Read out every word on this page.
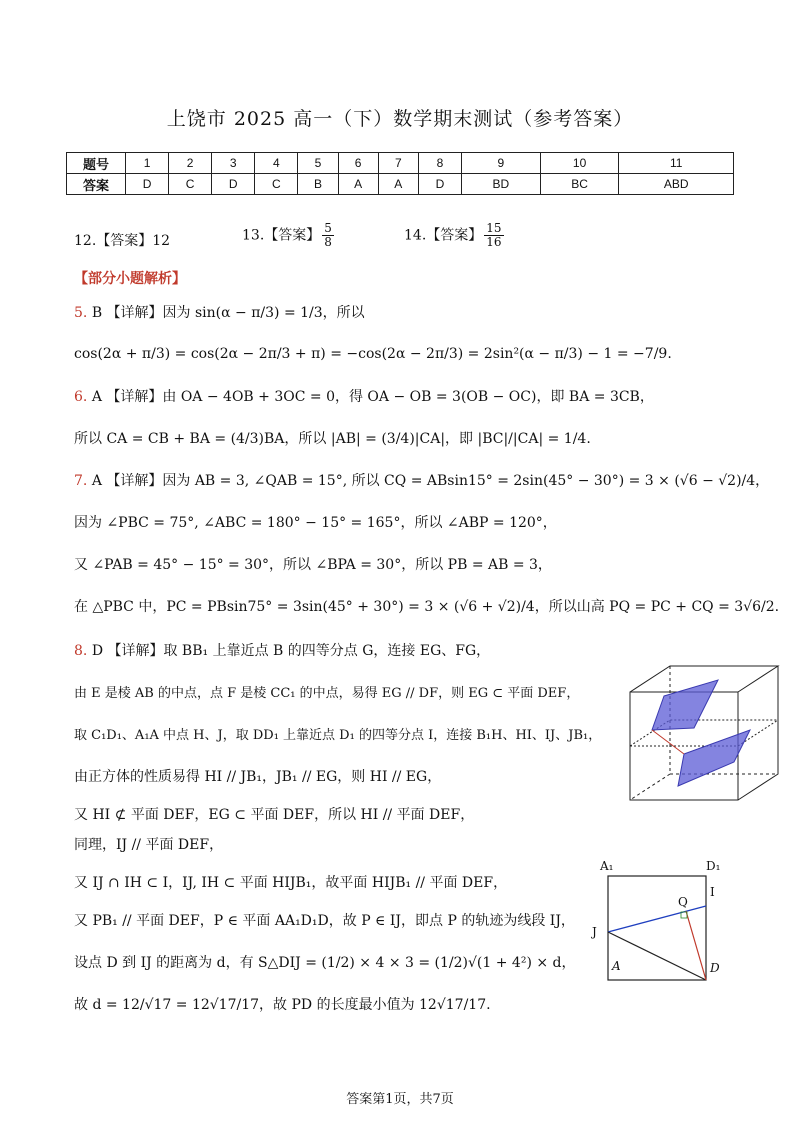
上饶市 2025 高一（下）数学期末测试（参考答案）
题号	1	2	3	4	5	6	7	8	9	10	11
答案	D	C	D	C	B	A	A	D	BD	BC	ABD
12.【答案】12	13.【答案】 $\frac{5}{8}$	14.【答案】 $\frac{15}{16}$
【部分小题解析】
5. B 【详解】因为 sin(α − π/3) = 1/3，所以
cos(2α + π/3) = cos(2α − 2π/3 + π) = −cos(2α − 2π/3) = 2sin²(α − π/3) − 1 = −7/9.
6. A 【详解】由 OA − 4OB + 3OC = 0，得 OA − OB = 3(OB − OC)，即 BA = 3CB，
所以 CA = CB + BA = (4/3)BA，所以 |AB| = (3/4)|CA|，即 |BC|/|CA| = 1/4.
7. A 【详解】因为 AB = 3, ∠QAB = 15°, 所以 CQ = ABsin15° = 2sin(45° − 30°) = 3 × (√6 − √2)/4，
因为 ∠PBC = 75°, ∠ABC = 180° − 15° = 165°，所以 ∠ABP = 120°，
又 ∠PAB = 45° − 15° = 30°，所以 ∠BPA = 30°，所以 PB = AB = 3，
在 △PBC 中，PC = PBsin75° = 3sin(45° + 30°) = 3 × (√6 + √2)/4，所以山高 PQ = PC + CQ = 3√6/2.
8. D 【详解】取 BB₁ 上靠近点 B 的四等分点 G，连接 EG、FG，
由 E 是棱 AB 的中点，点 F 是棱 CC₁ 的中点，易得 EG // DF，则 EG ⊂ 平面 DEF，
取 C₁D₁、A₁A 中点 H、J，取 DD₁ 上靠近点 D₁ 的四等分点 I，连接 B₁H、HI、IJ、JB₁，
由正方体的性质易得 HI // JB₁，JB₁ // EG，则 HI // EG，
又 HI ⊄ 平面 DEF，EG ⊂ 平面 DEF，所以 HI // 平面 DEF，
同理，IJ // 平面 DEF，
又 IJ ∩ IH ⊂ I，IJ, IH ⊂ 平面 HIJB₁，故平面 HIJB₁ // 平面 DEF，
又 PB₁ // 平面 DEF，P ∈ 平面 AA₁D₁D，故 P ∈ IJ，即点 P 的轨迹为线段 IJ，
设点 D 到 IJ 的距离为 d，有 S△DIJ = (1/2) × 4 × 3 = (1/2)√(1 + 4²) × d，
故 d = 12/√17 = 12√17/17，故 PD 的长度最小值为 12√17/17.
A₁	D₁
I
Q
J
A	D
答案第1页，共7页
